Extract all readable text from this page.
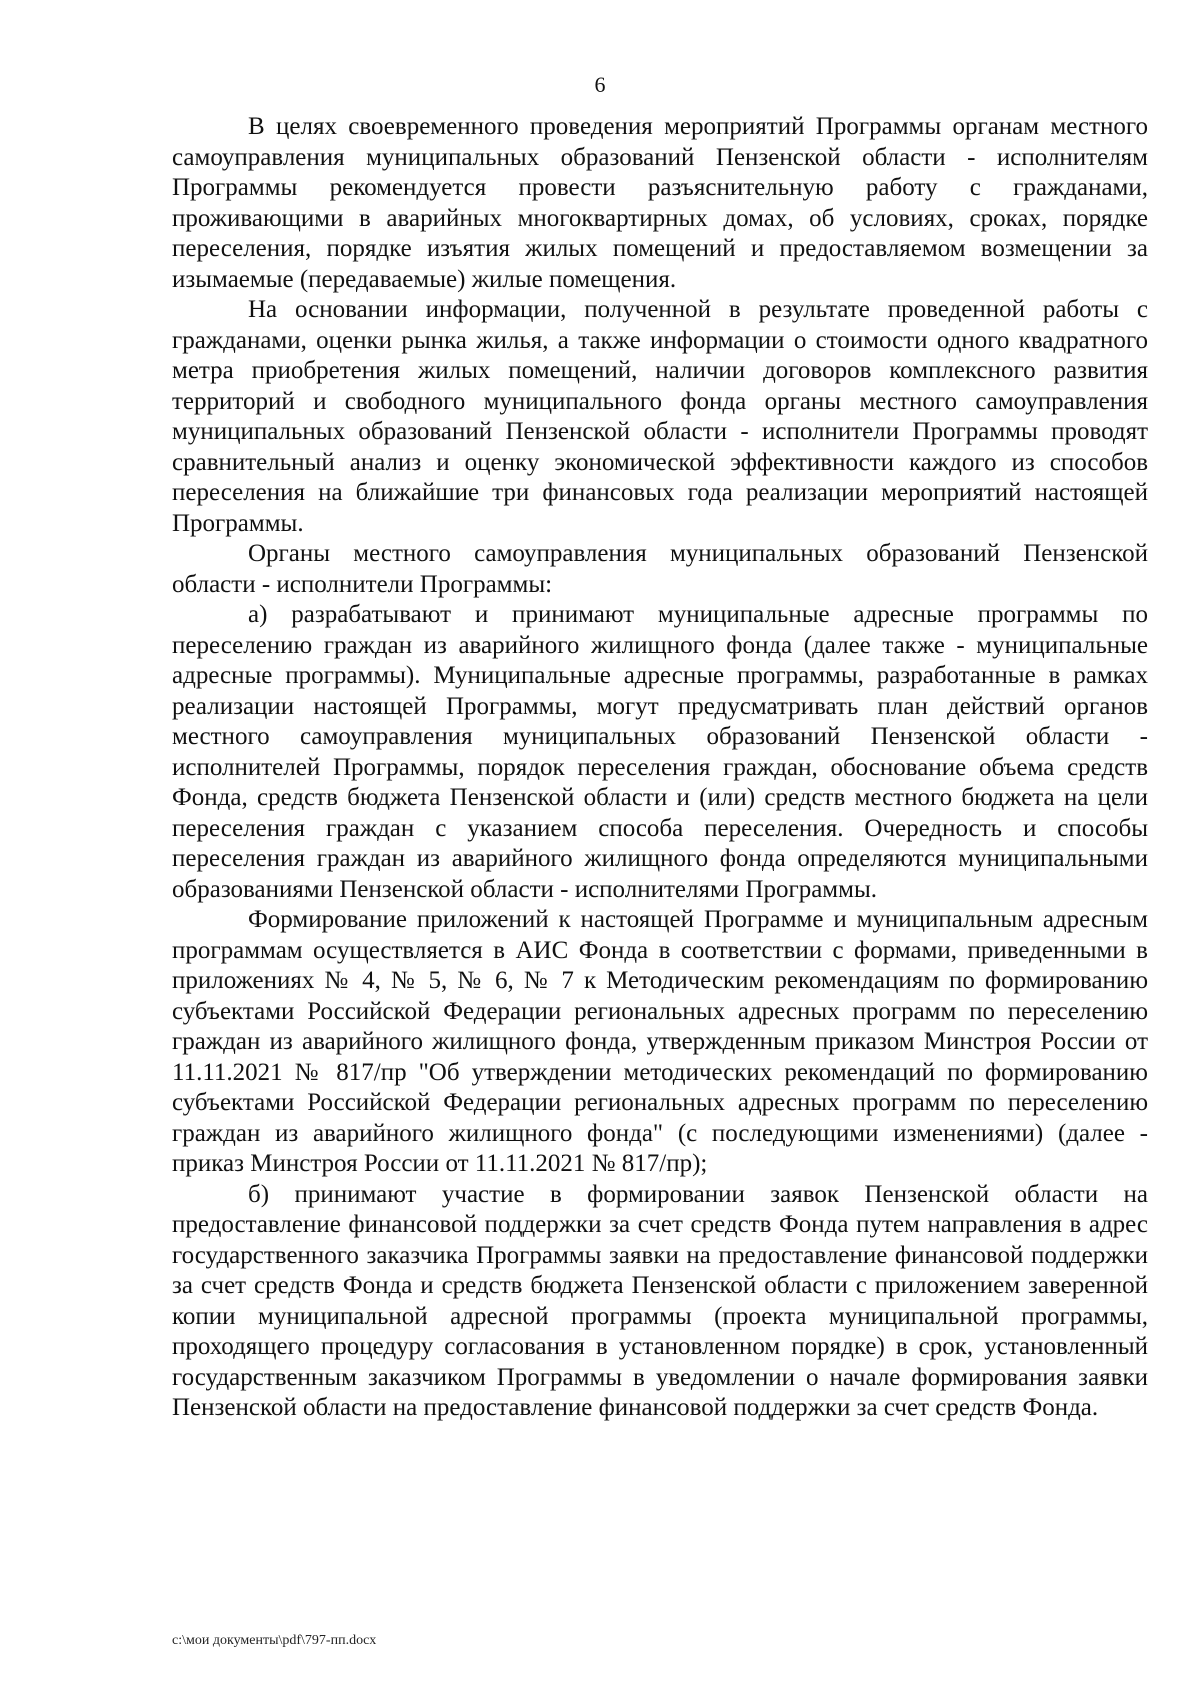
6

В целях своевременного проведения мероприятий Программы органам местного самоуправления муниципальных образований Пензенской области - исполнителям Программы рекомендуется провести разъяснительную работу с гражданами, проживающими в аварийных многоквартирных домах, об условиях, сроках, порядке переселения, порядке изъятия жилых помещений и предоставляемом возмещении за изымаемые (передаваемые) жилые помещения.

На основании информации, полученной в результате проведенной работы с гражданами, оценки рынка жилья, а также информации о стоимости одного квадратного метра приобретения жилых помещений, наличии договоров комплексного развития территорий и свободного муниципального фонда органы местного самоуправления муниципальных образований Пензенской области - исполнители Программы проводят сравнительный анализ и оценку экономической эффективности каждого из способов переселения на ближайшие три финансовых года реализации мероприятий настоящей Программы.

Органы местного самоуправления муниципальных образований Пензенской области - исполнители Программы:

а) разрабатывают и принимают муниципальные адресные программы по переселению граждан из аварийного жилищного фонда (далее также - муниципальные адресные программы). Муниципальные адресные программы, разработанные в рамках реализации настоящей Программы, могут предусматривать план действий органов местного самоуправления муниципальных образований Пензенской области - исполнителей Программы, порядок переселения граждан, обоснование объема средств Фонда, средств бюджета Пензенской области и (или) средств местного бюджета на цели переселения граждан с указанием способа переселения. Очередность и способы переселения граждан из аварийного жилищного фонда определяются муниципальными образованиями Пензенской области - исполнителями Программы.

Формирование приложений к настоящей Программе и муниципальным адресным программам осуществляется в АИС Фонда в соответствии с формами, приведенными в приложениях № 4, № 5, № 6, № 7 к Методическим рекомендациям по формированию субъектами Российской Федерации региональных адресных программ по переселению граждан из аварийного жилищного фонда, утвержденным приказом Минстроя России от 11.11.2021 № 817/пр "Об утверждении методических рекомендаций по формированию субъектами Российской Федерации региональных адресных программ по переселению граждан из аварийного жилищного фонда" (с последующими изменениями) (далее - приказ Минстроя России от 11.11.2021 № 817/пр);

б) принимают участие в формировании заявок Пензенской области на предоставление финансовой поддержки за счет средств Фонда путем направления в адрес государственного заказчика Программы заявки на предоставление финансовой поддержки за счет средств Фонда и средств бюджета Пензенской области с приложением заверенной копии муниципальной адресной программы (проекта муниципальной программы, проходящего процедуру согласования в установленном порядке) в срок, установленный государственным заказчиком Программы в уведомлении о начале формирования заявки Пензенской области на предоставление финансовой поддержки за счет средств Фонда.

c:\мои документы\pdf\797-пп.docx
